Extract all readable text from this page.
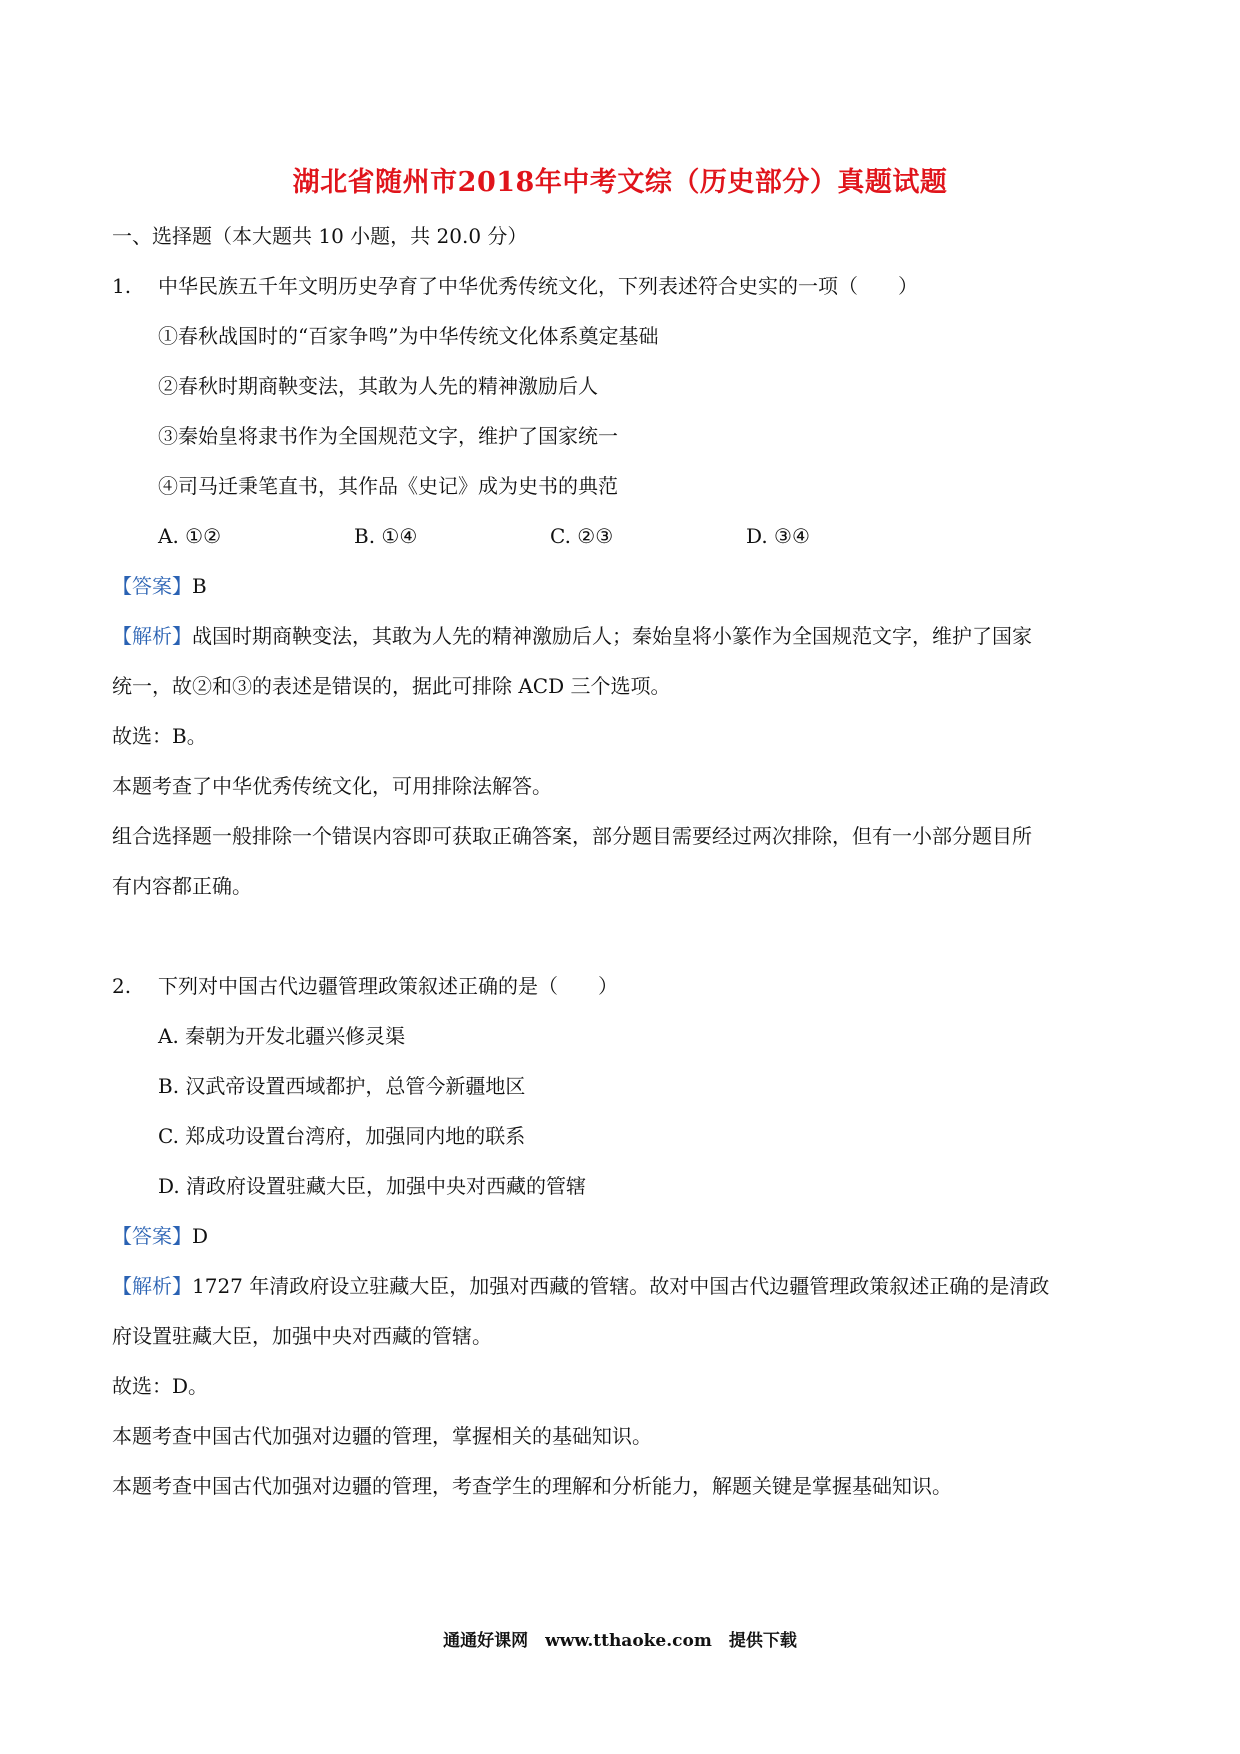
湖北省随州市2018年中考文综（历史部分）真题试题
一、选择题（本大题共 10 小题，共 20.0 分）
1. 中华民族五千年文明历史孕育了中华优秀传统文化，下列表述符合史实的一项（　　）
①春秋战国时的“百家争鸣”为中华传统文化体系奠定基础
②春秋时期商鞅变法，其敢为人先的精神激励后人
③秦始皇将隶书作为全国规范文字，维护了国家统一
④司马迁秉笔直书，其作品《史记》成为史书的典范
A. ①②	B. ①④	C. ②③	D. ③④
【答案】B
【解析】战国时期商鞅变法，其敢为人先的精神激励后人；秦始皇将小篆作为全国规范文字，维护了国家
统一，故②和③的表述是错误的，据此可排除 ACD 三个选项。
故选：B。
本题考查了中华优秀传统文化，可用排除法解答。
组合选择题一般排除一个错误内容即可获取正确答案，部分题目需要经过两次排除，但有一小部分题目所
有内容都正确。
2. 下列对中国古代边疆管理政策叙述正确的是（　　）
A. 秦朝为开发北疆兴修灵渠
B. 汉武帝设置西域都护，总管今新疆地区
C. 郑成功设置台湾府，加强同内地的联系
D. 清政府设置驻藏大臣，加强中央对西藏的管辖
【答案】D
【解析】1727 年清政府设立驻藏大臣，加强对西藏的管辖。故对中国古代边疆管理政策叙述正确的是清政
府设置驻藏大臣，加强中央对西藏的管辖。
故选：D。
本题考查中国古代加强对边疆的管理，掌握相关的基础知识。
本题考查中国古代加强对边疆的管理，考查学生的理解和分析能力，解题关键是掌握基础知识。
通通好课网　www.tthaoke.com　提供下载
